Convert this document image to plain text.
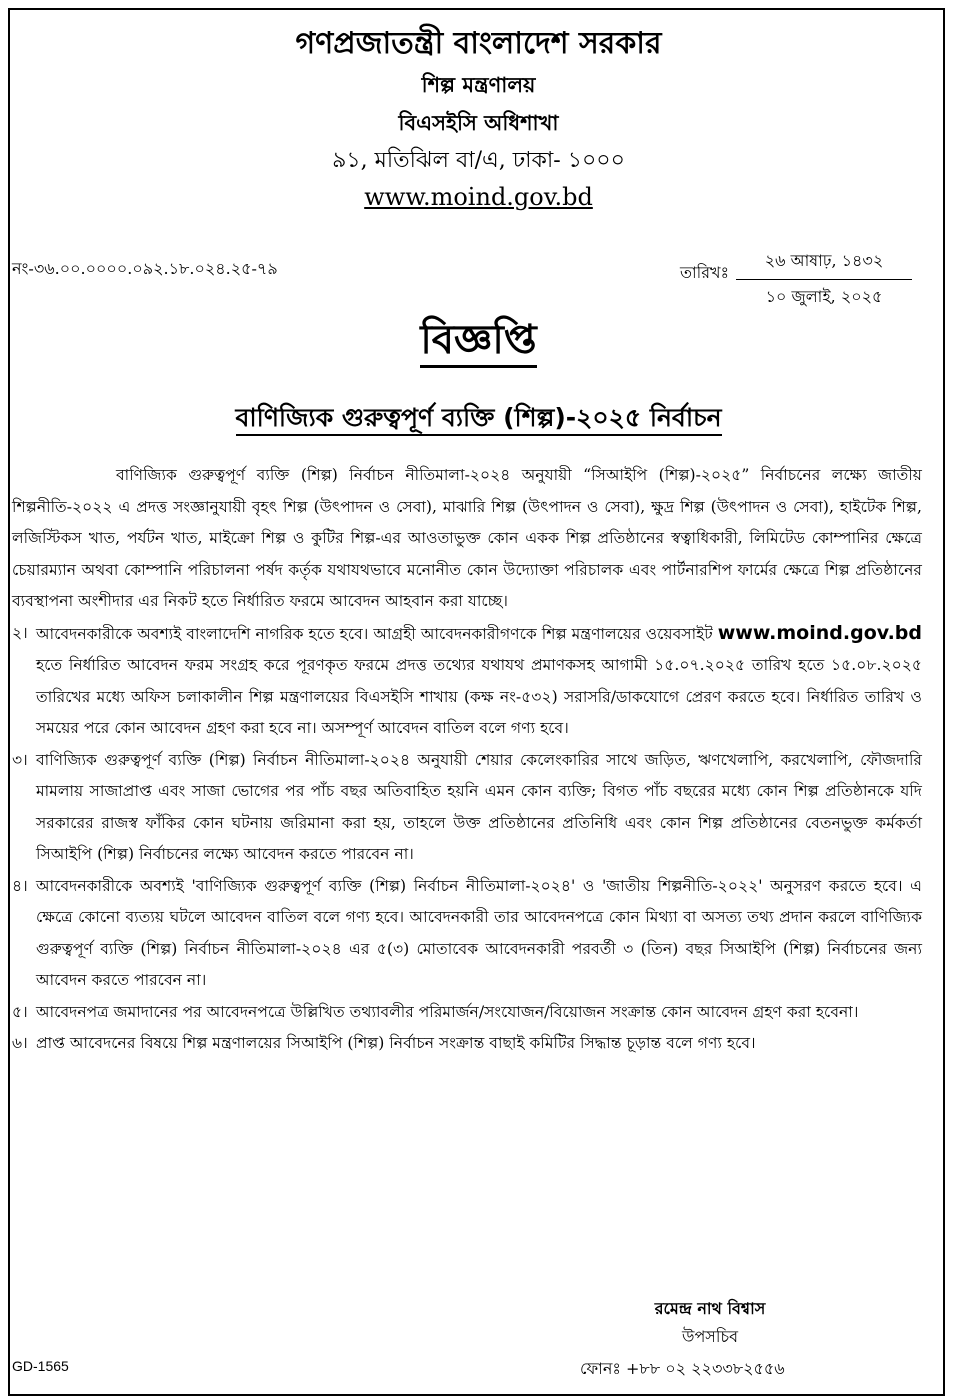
গণপ্রজাতন্ত্রী বাংলাদেশ সরকার
শিল্প মন্ত্রণালয়
বিএসইসি অধিশাখা
৯১, মতিঝিল বা/এ, ঢাকা- ১০০০
www.moind.gov.bd
নং-৩৬.০০.০০০০.০৯২.১৮.০২৪.২৫-৭৯	তারিখঃ
২৬ আষাঢ়, ১৪৩২
১০ জুলাই, ২০২৫
বিজ্ঞপ্তি
বাণিজ্যিক গুরুত্বপূর্ণ ব্যক্তি (শিল্প)-২০২৫ নির্বাচন
বাণিজ্যিক গুরুত্বপূর্ণ ব্যক্তি (শিল্প) নির্বাচন নীতিমালা-২০২৪ অনুযায়ী “সিআইপি (শিল্প)-২০২৫” নির্বাচনের লক্ষ্যে জাতীয় শিল্পনীতি-২০২২ এ প্রদত্ত সংজ্ঞানুযায়ী বৃহৎ শিল্প (উৎপাদন ও সেবা), মাঝারি শিল্প (উৎপাদন ও সেবা), ক্ষুদ্র শিল্প (উৎপাদন ও সেবা), হাইটেক শিল্প, লজিস্টিকস খাত, পর্যটন খাত, মাইক্রো শিল্প ও কুটির শিল্প-এর আওতাভুক্ত কোন একক শিল্প প্রতিষ্ঠানের স্বত্বাধিকারী, লিমিটেড কোম্পানির ক্ষেত্রে চেয়ারম্যান অথবা কোম্পানি পরিচালনা পর্ষদ কর্তৃক যথাযথভাবে মনোনীত কোন উদ্যোক্তা পরিচালক এবং পার্টনারশিপ ফার্মের ক্ষেত্রে শিল্প প্রতিষ্ঠানের ব্যবস্থাপনা অংশীদার এর নিকট হতে নির্ধারিত ফরমে আবেদন আহবান করা যাচ্ছে।
২। আবেদনকারীকে অবশ্যই বাংলাদেশি নাগরিক হতে হবে। আগ্রহী আবেদনকারীগণকে শিল্প মন্ত্রণালয়ের ওয়েবসাইট www.moind.gov.bd হতে নির্ধারিত আবেদন ফরম সংগ্রহ করে পূরণকৃত ফরমে প্রদত্ত তথ্যের যথাযথ প্রমাণকসহ আগামী ১৫.০৭.২০২৫ তারিখ হতে ১৫.০৮.২০২৫ তারিখের মধ্যে অফিস চলাকালীন শিল্প মন্ত্রণালয়ের বিএসইসি শাখায় (কক্ষ নং-৫৩২) সরাসরি/ডাকযোগে প্রেরণ করতে হবে। নির্ধারিত তারিখ ও সময়ের পরে কোন আবেদন গ্রহণ করা হবে না। অসম্পূর্ণ আবেদন বাতিল বলে গণ্য হবে।
৩। বাণিজ্যিক গুরুত্বপূর্ণ ব্যক্তি (শিল্প) নির্বাচন নীতিমালা-২০২৪ অনুযায়ী শেয়ার কেলেংকারির সাথে জড়িত, ঋণখেলাপি, করখেলাপি, ফৌজদারি মামলায় সাজাপ্রাপ্ত এবং সাজা ভোগের পর পাঁচ বছর অতিবাহিত হয়নি এমন কোন ব্যক্তি; বিগত পাঁচ বছরের মধ্যে কোন শিল্প প্রতিষ্ঠানকে যদি সরকারের রাজস্ব ফাঁকির কোন ঘটনায় জরিমানা করা হয়, তাহলে উক্ত প্রতিষ্ঠানের প্রতিনিধি এবং কোন শিল্প প্রতিষ্ঠানের বেতনভুক্ত কর্মকর্তা সিআইপি (শিল্প) নির্বাচনের লক্ষ্যে আবেদন করতে পারবেন না।
৪। আবেদনকারীকে অবশ্যই 'বাণিজ্যিক গুরুত্বপূর্ণ ব্যক্তি (শিল্প) নির্বাচন নীতিমালা-২০২৪' ও 'জাতীয় শিল্পনীতি-২০২২' অনুসরণ করতে হবে। এ ক্ষেত্রে কোনো ব্যত্যয় ঘটলে আবেদন বাতিল বলে গণ্য হবে। আবেদনকারী তার আবেদনপত্রে কোন মিথ্যা বা অসত্য তথ্য প্রদান করলে বাণিজ্যিক গুরুত্বপূর্ণ ব্যক্তি (শিল্প) নির্বাচন নীতিমালা-২০২৪ এর ৫(৩) মোতাবেক আবেদনকারী পরবর্তী ৩ (তিন) বছর সিআইপি (শিল্প) নির্বাচনের জন্য আবেদন করতে পারবেন না।
৫। আবেদনপত্র জমাদানের পর আবেদনপত্রে উল্লিখিত তথ্যাবলীর পরিমার্জন/সংযোজন/বিয়োজন সংক্রান্ত কোন আবেদন গ্রহণ করা হবেনা।
৬। প্রাপ্ত আবেদনের বিষয়ে শিল্প মন্ত্রণালয়ের সিআইপি (শিল্প) নির্বাচন সংক্রান্ত বাছাই কমিটির সিদ্ধান্ত চূড়ান্ত বলে গণ্য হবে।
রমেন্দ্র নাথ বিশ্বাস
উপসচিব
ফোনঃ +৮৮ ০২ ২২৩৩৮২৫৫৬
GD-1565
